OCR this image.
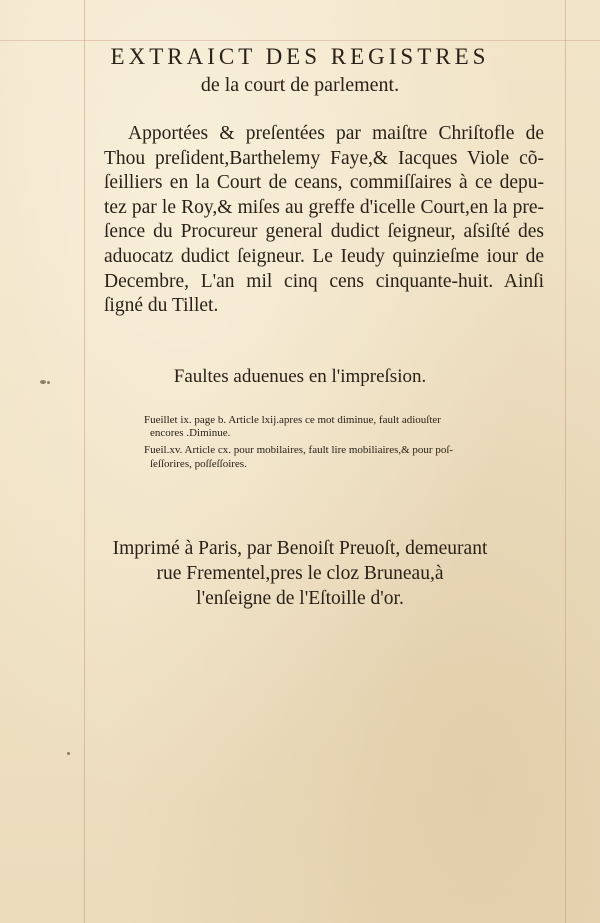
EXTRAICT DES REGISTRES
de la court de parlement.
Apportées & preſentées par maiſtre Chriſtofle de
Thou preſident,Barthelemy Faye,& Iacques Viole cõ-
ſeilliers en la Court de ceans, commiſſaires à ce depu-
tez par le Roy,& miſes au greffe d'icelle Court,en la pre-
ſence du Procureur general dudict ſeigneur, aſsiſté des
aduocatz dudict ſeigneur. Le Ieudy quinzieſme iour de
Decembre, L'an mil cinq cens cinquante-huit. Ainſi
ſigné du Tillet.
Faultes aduenues en l'impreſsion.
Fueillet ix. page b. Article lxij.apres ce mot diminue, fault adiouſter
encores .Diminue.
Fueil.xv. Article cx. pour mobilaires, fault lire mobiliaires,& pour poſ-
ſeſſorires, poſſeſſoires.
Imprimé à Paris, par Benoiſt Preuoſt, demeurant
rue Frementel,pres le cloz Bruneau,à
l'enſeigne de l'Eſtoille d'or.
